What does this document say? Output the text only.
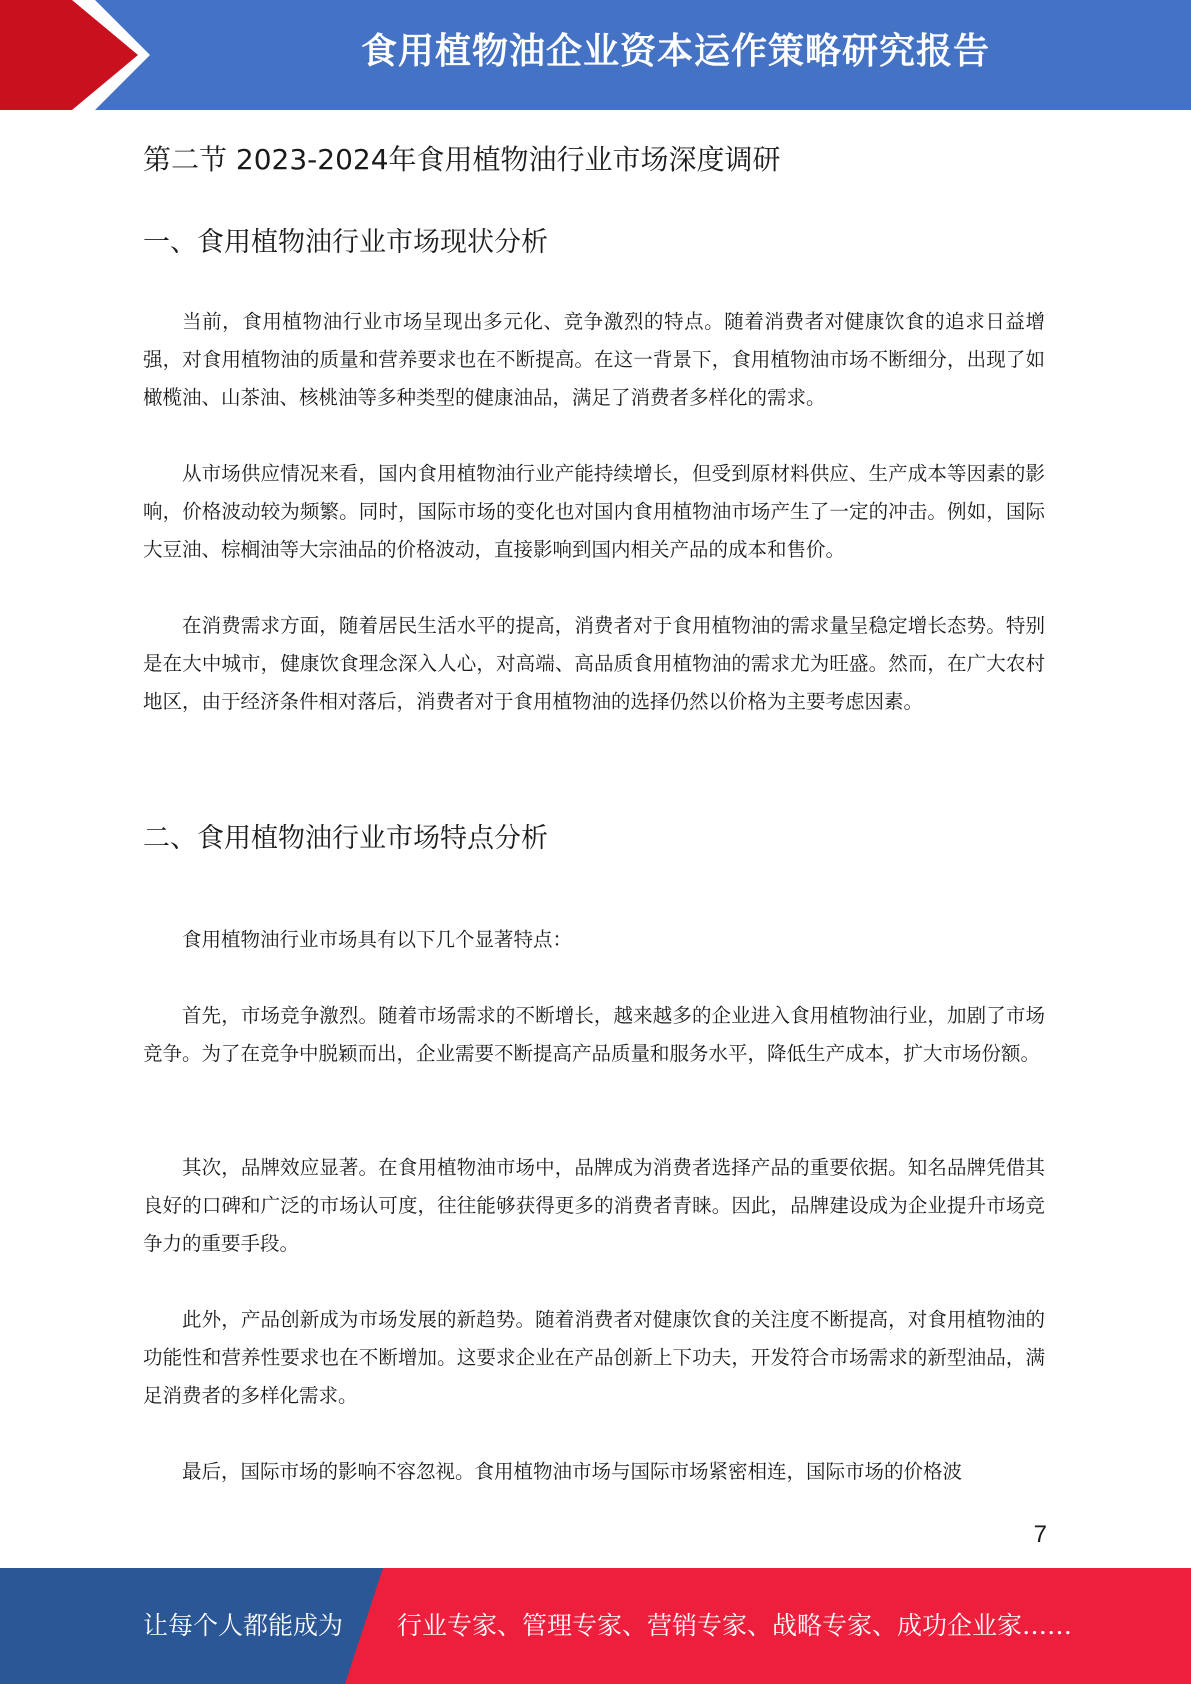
食用植物油企业资本运作策略研究报告
第二节 2023-2024年食用植物油行业市场深度调研
一、食用植物油行业市场现状分析
当前，食用植物油行业市场呈现出多元化、竞争激烈的特点。随着消费者对健康饮食的追求日益增强，对食用植物油的质量和营养要求也在不断提高。在这一背景下，食用植物油市场不断细分，出现了如橄榄油、山茶油、核桃油等多种类型的健康油品，满足了消费者多样化的需求。
从市场供应情况来看，国内食用植物油行业产能持续增长，但受到原材料供应、生产成本等因素的影响，价格波动较为频繁。同时，国际市场的变化也对国内食用植物油市场产生了一定的冲击。例如，国际大豆油、棕榈油等大宗油品的价格波动，直接影响到国内相关产品的成本和售价。
在消费需求方面，随着居民生活水平的提高，消费者对于食用植物油的需求量呈稳定增长态势。特别是在大中城市，健康饮食理念深入人心，对高端、高品质食用植物油的需求尤为旺盛。然而，在广大农村地区，由于经济条件相对落后，消费者对于食用植物油的选择仍然以价格为主要考虑因素。
二、食用植物油行业市场特点分析
食用植物油行业市场具有以下几个显著特点：
首先，市场竞争激烈。随着市场需求的不断增长，越来越多的企业进入食用植物油行业，加剧了市场竞争。为了在竞争中脱颖而出，企业需要不断提高产品质量和服务水平，降低生产成本，扩大市场份额。
其次，品牌效应显著。在食用植物油市场中，品牌成为消费者选择产品的重要依据。知名品牌凭借其良好的口碑和广泛的市场认可度，往往能够获得更多的消费者青睐。因此，品牌建设成为企业提升市场竞争力的重要手段。
此外，产品创新成为市场发展的新趋势。随着消费者对健康饮食的关注度不断提高，对食用植物油的功能性和营养性要求也在不断增加。这要求企业在产品创新上下功夫，开发符合市场需求的新型油品，满足消费者的多样化需求。
最后，国际市场的影响不容忽视。食用植物油市场与国际市场紧密相连，国际市场的价格波
7
让每个人都能成为 行业专家、管理专家、营销专家、战略专家、成功企业家……
